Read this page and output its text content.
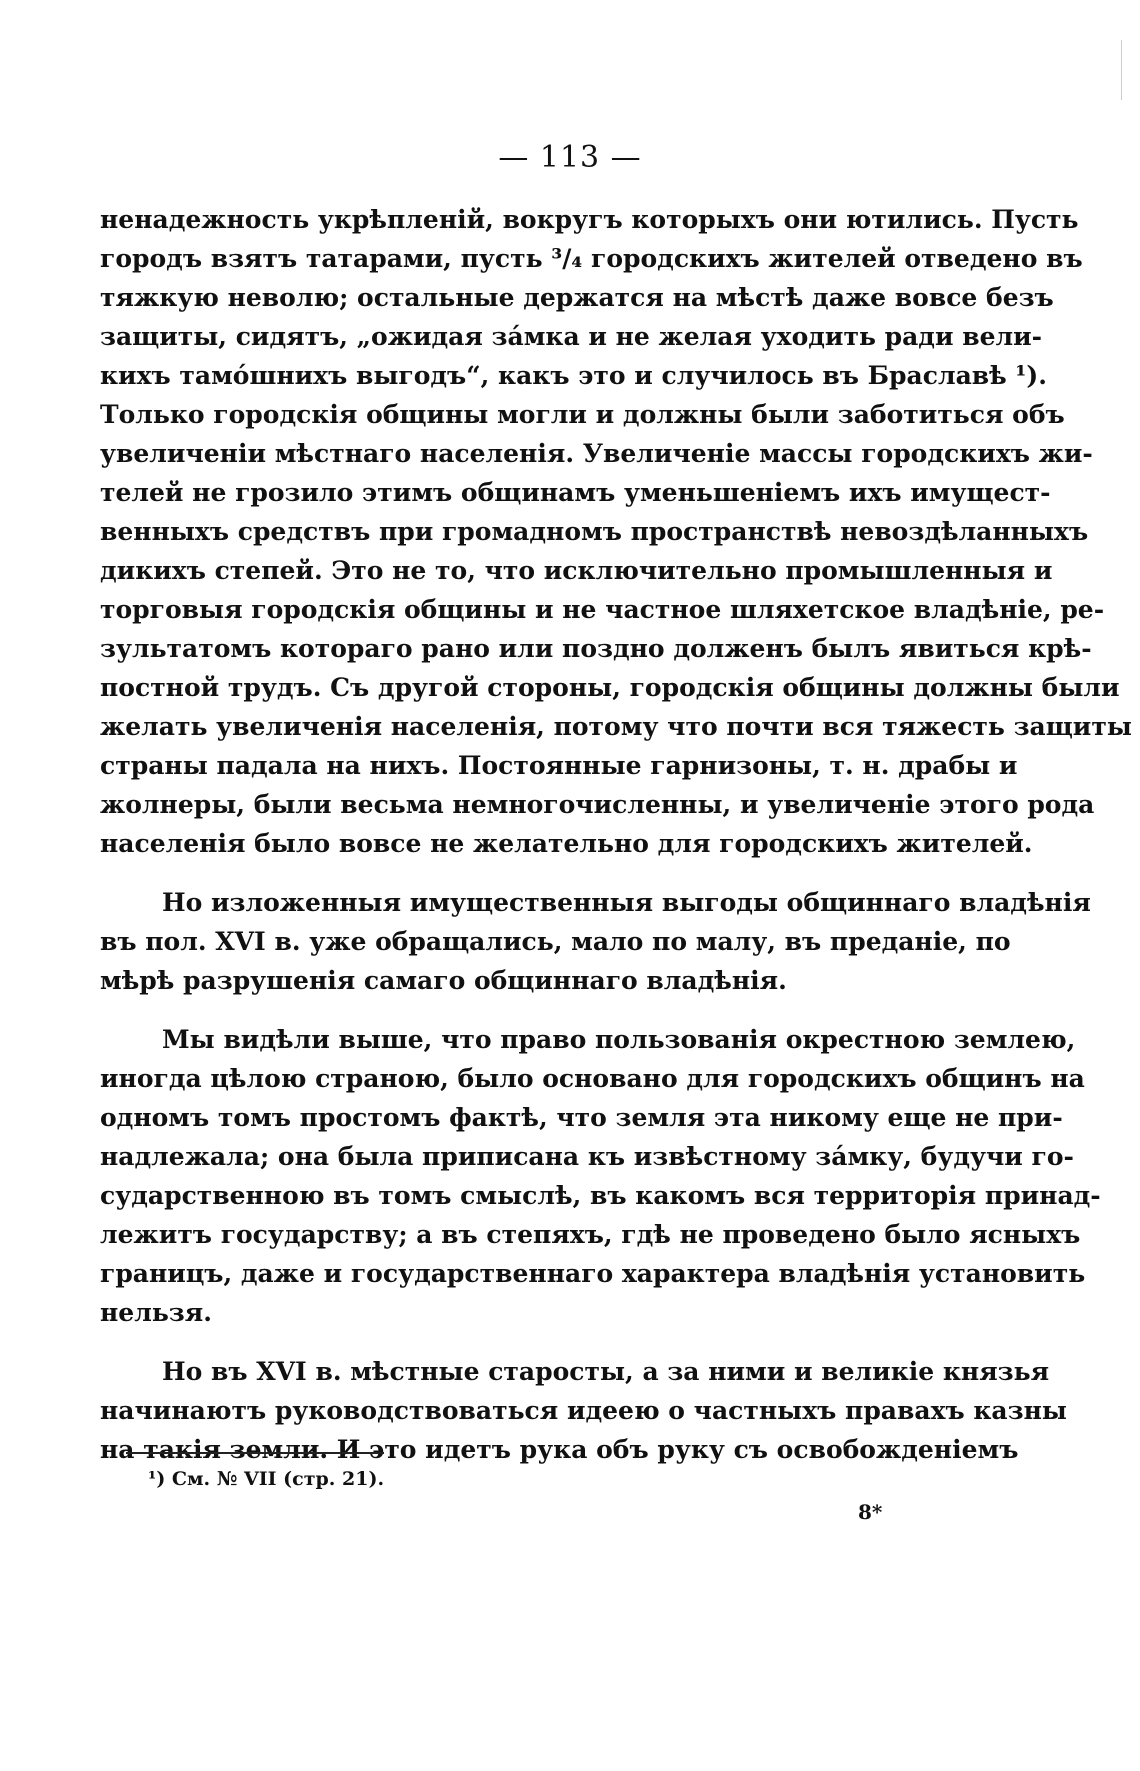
— 113 —
ненадежность укрѣпленій, вокругъ которыхъ они ютились. Пусть
городъ взятъ татарами, пусть ³/₄ городскихъ жителей отведено въ
тяжкую неволю; остальные держатся на мѣстѣ даже вовсе безъ
защиты, сидятъ, „ожидая зáмка и не желая уходить ради вели-
кихъ тамóшнихъ выгодъ“, какъ это и случилось въ Браславѣ ¹).
Только городскія общины могли и должны были заботиться объ
увеличеніи мѣстнаго населенія. Увеличеніе массы городскихъ жи-
телей не грозило этимъ общинамъ уменьшеніемъ ихъ имущест-
венныхъ средствъ при громадномъ пространствѣ невоздѣланныхъ
дикихъ степей. Это не то, что исключительно промышленныя и
торговыя городскія общины и не частное шляхетское владѣніе, ре-
зультатомъ котораго рано или поздно долженъ былъ явиться крѣ-
постной трудъ. Съ другой стороны, городскія общины должны были
желать увеличенія населенія, потому что почти вся тяжесть защиты
страны падала на нихъ. Постоянные гарнизоны, т. н. драбы и
жолнеры, были весьма немногочисленны, и увеличеніе этого рода
населенія было вовсе не желательно для городскихъ жителей.
Но изложенныя имущественныя выгоды общиннаго владѣнія
въ пол. XVI в. уже обращались, мало по малу, въ преданіе, по
мѣрѣ разрушенія самаго общиннаго владѣнія.
Мы видѣли выше, что право пользованія окрестною землею,
иногда цѣлою страною, было основано для городскихъ общинъ на
одномъ томъ простомъ фактѣ, что земля эта никому еще не при-
надлежала; она была приписана къ извѣстному зáмку, будучи го-
сударственною въ томъ смыслѣ, въ какомъ вся территорія принад-
лежитъ государству; а въ степяхъ, гдѣ не проведено было ясныхъ
границъ, даже и государственнаго характера владѣнія установить
нельзя.
Но въ XVI в. мѣстные старосты, а за ними и великіе князья
начинаютъ руководствоваться идеею о частныхъ правахъ казны
на такія земли. И это идетъ рука объ руку съ освобожденіемъ
¹) См. № VII (стр. 21).
8*
